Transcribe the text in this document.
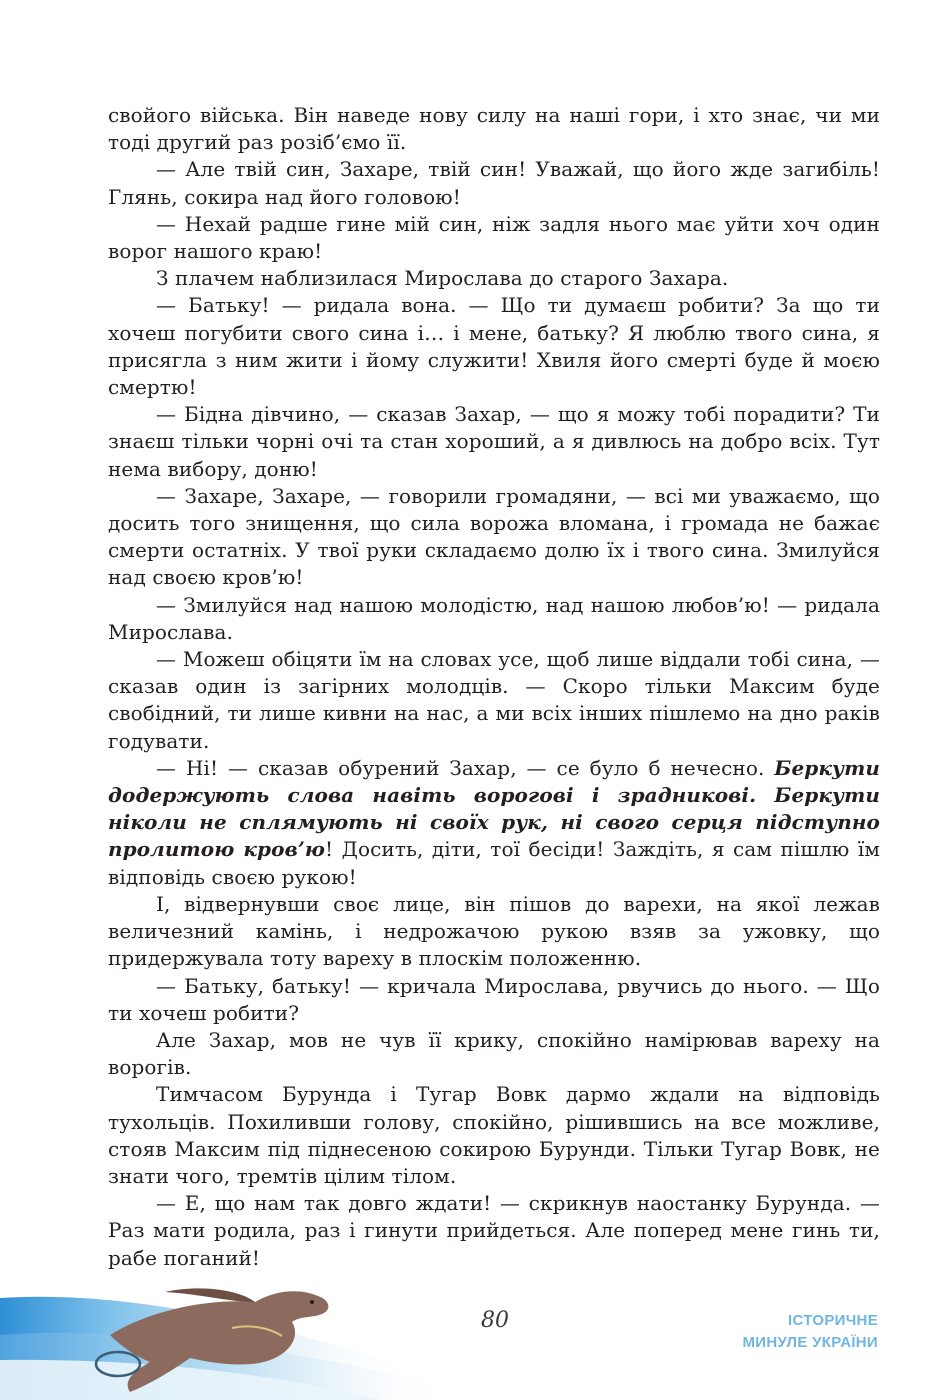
свойого війська. Він наведе нову силу на наші гори, і хто знає, чи ми тоді другий раз розіб’ємо її.

— Але твій син, Захаре, твій син! Уважай, що його жде загибіль! Глянь, сокира над його головою!

— Нехай радше гине мій син, ніж задля нього має уйти хоч один ворог нашого краю!

З плачем наблизилася Мирослава до старого Захара.

— Батьку! — ридала вона. — Що ти думаєш робити? За що ти хочеш погубити свого сина і… і мене, батьку? Я люблю твого сина, я присягла з ним жити і йому служити! Хвиля його смерті буде й моєю смертю!

— Бідна дівчино, — сказав Захар, — що я можу тобі порадити? Ти знаєш тільки чорні очі та стан хороший, а я дивлюсь на добро всіх. Тут нема вибору, доню!

— Захаре, Захаре, — говорили громадяни, — всі ми уважаємо, що досить того знищення, що сила ворожа вломана, і громада не бажає смерти остатніх. У твої руки складаємо долю їх і твого сина. Змилуйся над своєю кров’ю!

— Змилуйся над нашою молодістю, над нашою любов’ю! — ридала Мирослава.

— Можеш обіцяти їм на словах усе, щоб лише віддали тобі сина, — сказав один із загірних молодців. — Скоро тільки Максим буде свобідний, ти лише кивни на нас, а ми всіх інших пішлемо на дно раків годувати.

— Ні! — сказав обурений Захар, — се було б нечесно. Беркути додержують слова навіть ворогові і зрадникові. Беркути ніколи не сплямують ні своїх рук, ні свого серця підступно пролитою кров’ю! Досить, діти, тої бесіди! Заждіть, я сам пішлю їм відповідь своєю рукою!

І, відвернувши своє лице, він пішов до варехи, на якої лежав величезний камінь, і недрожачою рукою взяв за ужовку, що придержувала тоту вареху в плоскім положенню.

— Батьку, батьку! — кричала Мирослава, рвучись до нього. — Що ти хочеш робити?

Але Захар, мов не чув її крику, спокійно намірював вареху на ворогів.

Тимчасом Бурунда і Тугар Вовк дармо ждали на відповідь тухольців. Похиливши голову, спокійно, рішившись на все можливе, стояв Максим під піднесеною сокирою Бурунди. Тільки Тугар Вовк, не знати чого, тремтів цілим тілом.

— Е, що нам так довго ждати! — скрикнув наостанку Бурунда. — Раз мати родила, раз і гинути прийдеться. Але поперед мене гинь ти, рабе поганий!

80	ІСТОРИЧНЕ
МИНУЛЕ УКРАЇНИ
